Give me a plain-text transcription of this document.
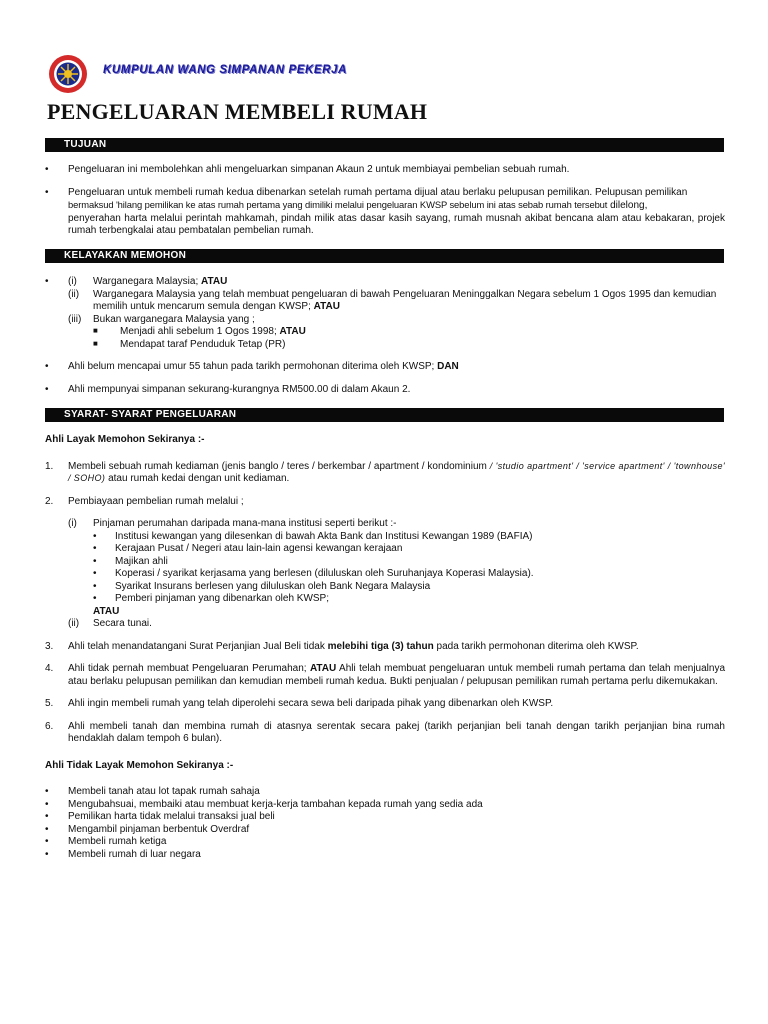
KUMPULAN WANG SIMPANAN PEKERJA
PENGELUARAN MEMBELI RUMAH
TUJUAN
• Pengeluaran ini membolehkan ahli mengeluarkan simpanan Akaun 2 untuk membiayai pembelian sebuah rumah.
• Pengeluaran untuk membeli rumah kedua dibenarkan setelah rumah pertama dijual atau berlaku pelupusan pemilikan. Pelupusan pemilikan
bermaksud 'hilang pemilikan ke atas rumah pertama yang dimiliki melalui pengeluaran KWSP sebelum ini atas sebab rumah tersebut dilelong,
penyerahan harta melalui perintah mahkamah, pindah milik atas dasar kasih sayang, rumah musnah akibat bencana alam atau kebakaran, projek rumah terbengkalai atau pembatalan pembelian rumah.
KELAYAKAN MEMOHON
• (i) Warganegara Malaysia; ATAU
(ii) Warganegara Malaysia yang telah membuat pengeluaran di bawah Pengeluaran Meninggalkan Negara sebelum 1 Ogos 1995 dan kemudian memilih untuk mencarum semula dengan KWSP; ATAU
(iii) Bukan warganegara Malaysia yang ;
■ Menjadi ahli sebelum 1 Ogos 1998; ATAU
■ Mendapat taraf Penduduk Tetap (PR)
• Ahli belum mencapai umur 55 tahun pada tarikh permohonan diterima oleh KWSP; DAN
• Ahli mempunyai simpanan sekurang-kurangnya RM500.00 di dalam Akaun 2.
SYARAT- SYARAT PENGELUARAN
Ahli Layak Memohon Sekiranya :-
1. Membeli sebuah rumah kediaman (jenis banglo / teres / berkembar / apartment / kondominium / 'studio apartment' / 'service apartment' / 'townhouse' / SOHO) atau rumah kedai dengan unit kediaman.
2. Pembiayaan pembelian rumah melalui ;
(i) Pinjaman perumahan daripada mana-mana institusi seperti berikut :-
• Institusi kewangan yang dilesenkan di bawah Akta Bank dan Institusi Kewangan 1989 (BAFIA)
• Kerajaan Pusat / Negeri atau lain-lain agensi kewangan kerajaan
• Majikan ahli
• Koperasi / syarikat kerjasama yang berlesen (diluluskan oleh Suruhanjaya Koperasi Malaysia).
• Syarikat Insurans berlesen yang diluluskan oleh Bank Negara Malaysia
• Pemberi pinjaman yang dibenarkan oleh KWSP;
ATAU
(ii) Secara tunai.
3. Ahli telah menandatangani Surat Perjanjian Jual Beli tidak melebihi tiga (3) tahun pada tarikh permohonan diterima oleh KWSP.
4. Ahli tidak pernah membuat Pengeluaran Perumahan; ATAU Ahli telah membuat pengeluaran untuk membeli rumah pertama dan telah menjualnya atau berlaku pelupusan pemilikan dan kemudian membeli rumah kedua. Bukti penjualan / pelupusan pemilikan rumah pertama perlu dikemukakan.
5. Ahli ingin membeli rumah yang telah diperolehi secara sewa beli daripada pihak yang dibenarkan oleh KWSP.
6. Ahli membeli tanah dan membina rumah di atasnya serentak secara pakej (tarikh perjanjian beli tanah dengan tarikh perjanjian bina rumah hendaklah dalam tempoh 6 bulan).
Ahli Tidak Layak Memohon Sekiranya :-
• Membeli tanah atau lot tapak rumah sahaja
• Mengubahsuai, membaiki atau membuat kerja-kerja tambahan kepada rumah yang sedia ada
• Pemilikan harta tidak melalui transaksi jual beli
• Mengambil pinjaman berbentuk Overdraf
• Membeli rumah ketiga
• Membeli rumah di luar negara
